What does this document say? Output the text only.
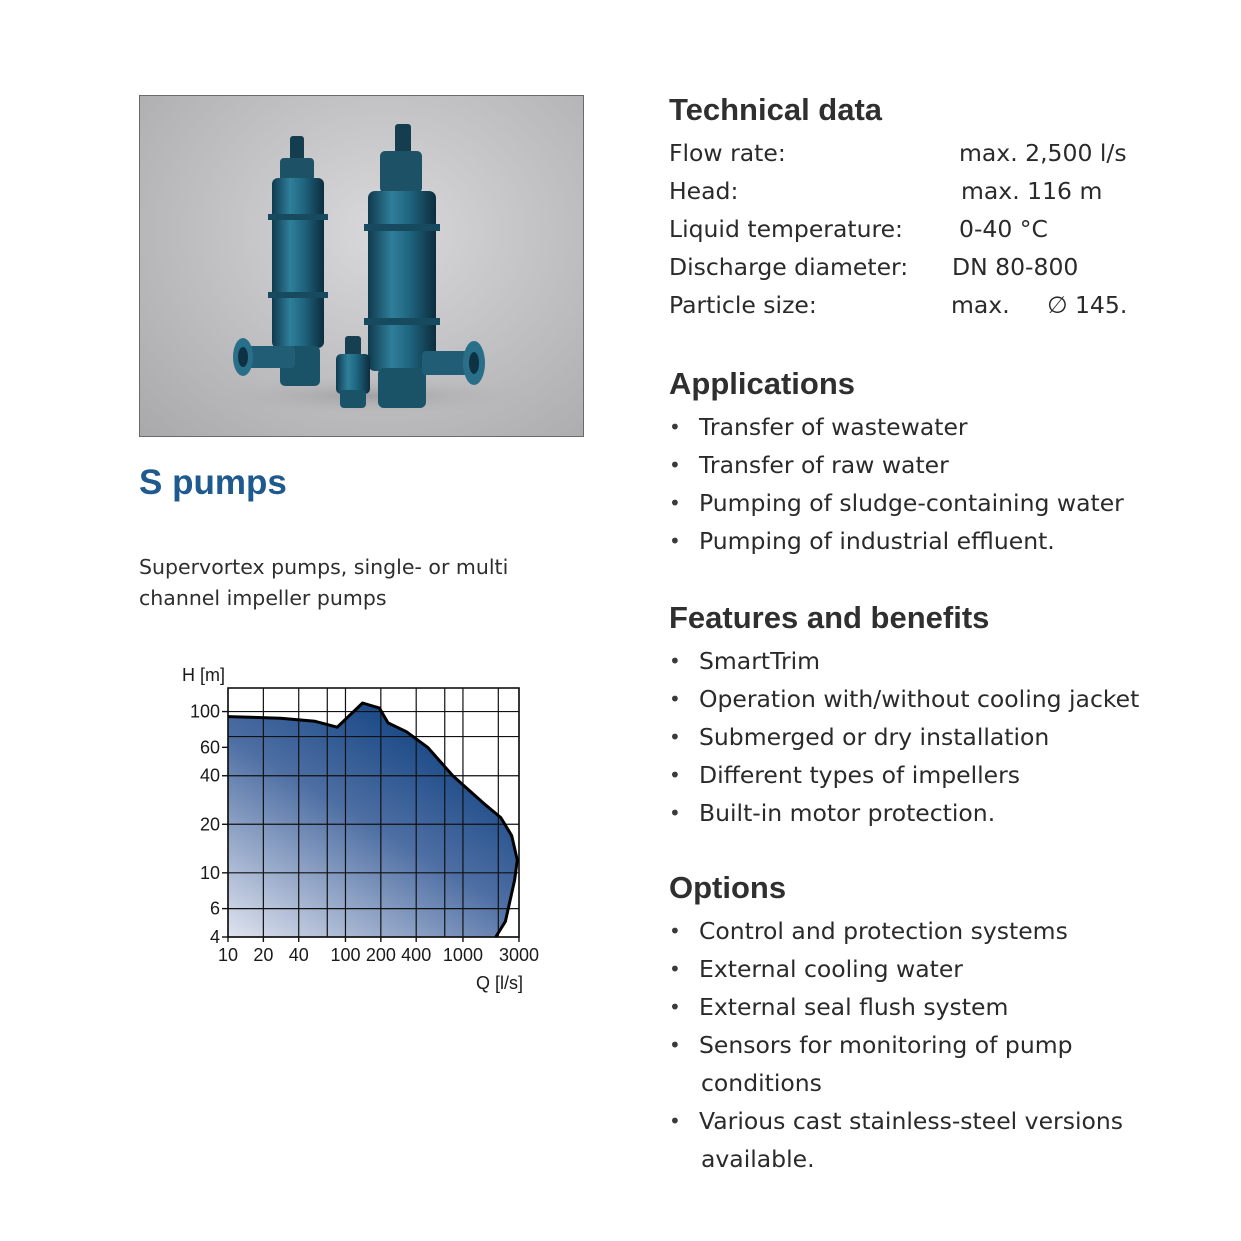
S pumps

Supervortex pumps, single- or multi channel impeller pumps

4
6
10
20
40
60
100
10 20 40 100 200 400 1000 3000
H [m]
Q [l/s]
Technical data
Flow rate:	max. 2,500 l/s
Head:	max. 116 m
Liquid temperature: 0-40 °C
Discharge diameter: DN 80-800
Particle size:	max.     ∅ 145.
Applications
• Transfer of wastewater
• Transfer of raw water
• Pumping of sludge-containing water
• Pumping of industrial effluent.
Features and benefits
• SmartTrim
• Operation with/without cooling jacket
• Submerged or dry installation
• Different types of impellers
• Built-in motor protection.
Options
• Control and protection systems
• External cooling water
• External seal flush system
• Sensors for monitoring of pump
conditions
• Various cast stainless-steel versions
available.
